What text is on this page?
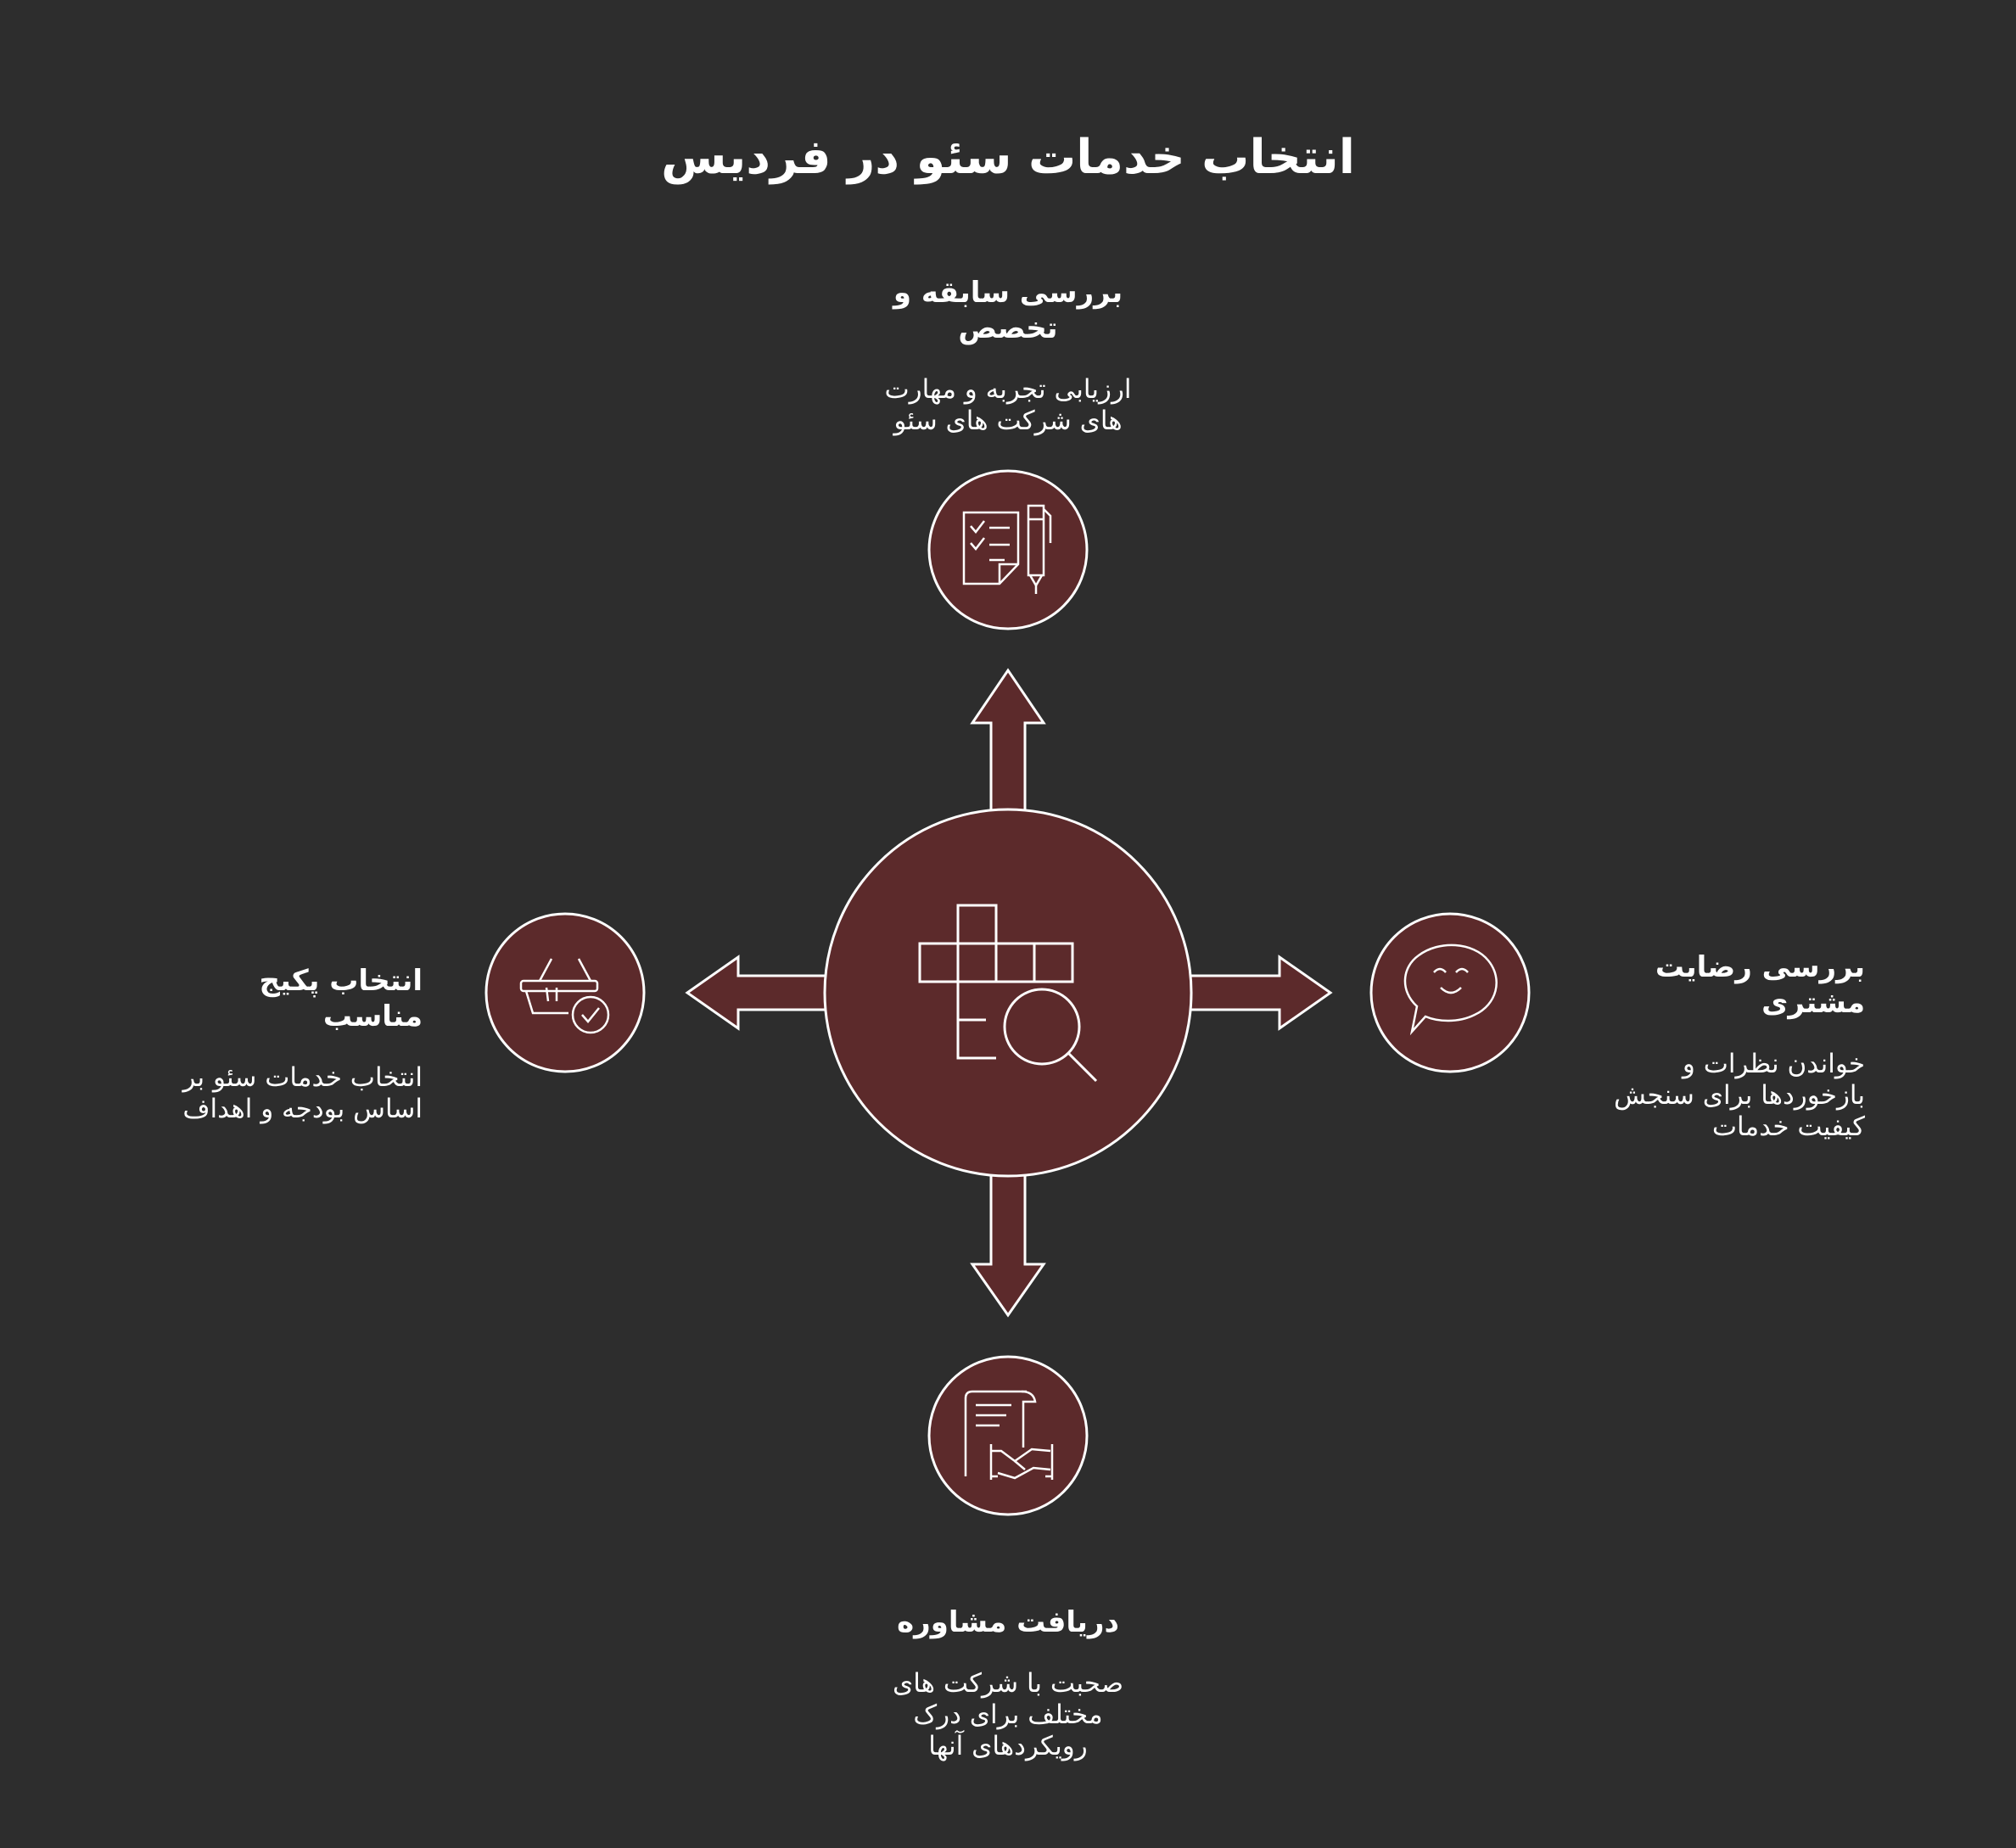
انتخاب خدمات سئو در فردیس

بررسی سابقه و
تخصص

ارزیابی تجربه و مهارت
های شرکت های سئو

بررسی رضایت مشتری

خواندن نظرات و
بازخوردها برای سنجش
کیفیت خدمات

دریافت مشاوره

صحبت با شرکت های
مختلف برای درک
رویکردهای آنها

انتخاب پکیج مناسب

انتخاب خدمات سئو بر
اساس بودجه و اهداف
